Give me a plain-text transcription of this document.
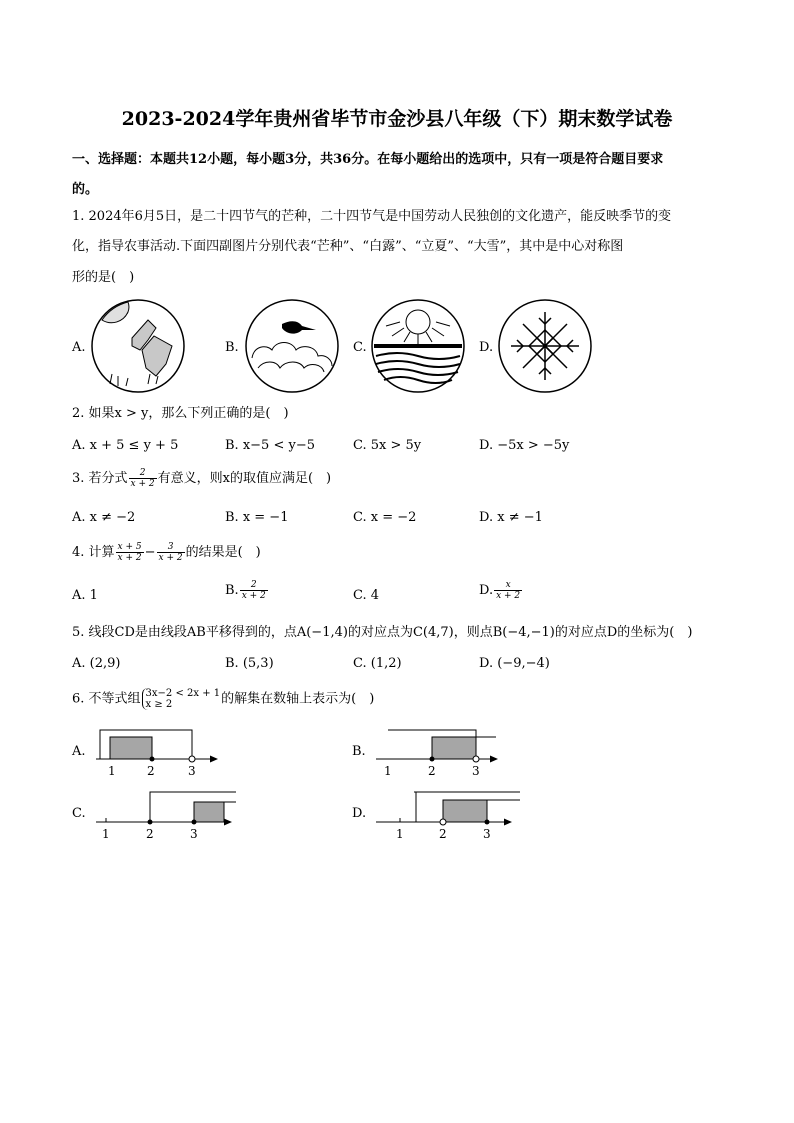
2023-2024学年贵州省毕节市金沙县八年级（下）期末数学试卷
一、选择题：本题共12小题，每小题3分，共36分。在每小题给出的选项中，只有一项是符合题目要求
的。
1. 2024年6月5日，是二十四节气的芒种，二十四节气是中国劳动人民独创的文化遗产，能反映季节的变
化，指导农事活动.下面四副图片分别代表“芒种”、“白露”、“立夏”、“大雪”，其中是中心对称图
形的是(　)
A.	B.	C.	D.
2. 如果x > y，那么下列正确的是(　)
A. x + 5 ≤ y + 5	B. x−5 < y−5	C. 5x > 5y	D. −5x > −5y
3. 若分式 $\frac{2}{x + 2}$ 有意义，则x的取值应满足(　)
A. x ≠ −2	B. x = −1	C. x = −2	D. x ≠ −1
4. 计算 $\frac{x + 5}{x + 2} - \frac{3}{x + 2}$ 的结果是(　)
A. 1	B. $\frac{2}{x + 2}$	C. 4	D. $\frac{x}{x + 2}$
5. 线段CD是由线段AB平移得到的，点A(−1,4)的对应点为C(4,7)，则点B(−4,−1)的对应点D的坐标为(　)
A. (2,9)	B. (5,3)	C. (1,2)	D. (−9,−4)
6. 不等式组 3x−2 < 2x + 1
x ≥ 2	的解集在数轴上表示为(　)
A.
1	2	3
B.
1	2	3
C.
1	2	3
D.
1	2	3
